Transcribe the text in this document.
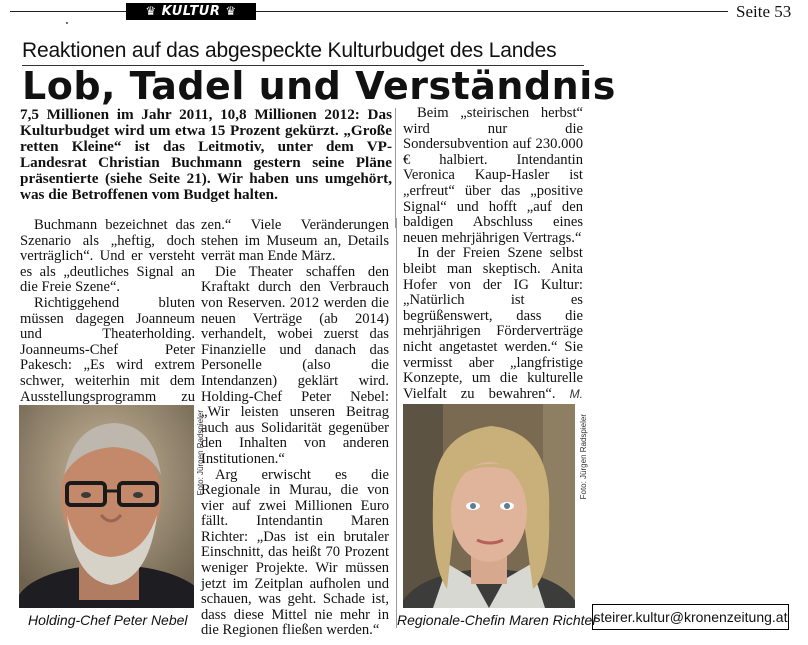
♛ KULTUR ♛	Seite 53
Reaktionen auf das abgespeckte Kulturbudget des Landes
Lob, Tadel und Verständnis
7,5 Millionen im Jahr 2011, 10,8 Millionen 2012: Das Kulturbudget wird um etwa 15 Prozent gekürzt. „Große retten Kleine“ ist das Leitmotiv, unter dem VP-Landesrat Christian Buchmann gestern seine Pläne präsentierte (siehe Seite 21). Wir haben uns umgehört, was die Betroffenen vom Budget halten.

Buchmann bezeichnet das Szenario als „heftig, doch verträglich“. Und er versteht es als „deutliches Signal an die Freie Szene“.

Richtiggehend bluten müssen dagegen Joanneum und Theaterholding. Joanneums-Chef Peter Pakesch: „Es wird extrem schwer, weiterhin mit dem Ausstellungsprogramm zu

zen.“ Viele Veränderungen stehen im Museum an, Details verrät man Ende März.

Die Theater schaffen den Kraftakt durch den Verbrauch von Reserven. 2012 werden die neuen Verträge (ab 2014) verhandelt, wobei zuerst das Finanzielle und danach das Personelle (also die Intendanzen) geklärt wird. Holding-Chef Peter Nebel: „Wir leisten unseren Beitrag auch aus Solidarität gegenüber den Inhalten von anderen Institutionen.“

Arg erwischt es die Regionale in Murau, die von vier auf zwei Millionen Euro fällt. Intendantin Maren Richter: „Das ist ein brutaler Einschnitt, das heißt 70 Prozent weniger Projekte. Wir müssen jetzt im Zeitplan aufholen und schauen, was geht. Schade ist, dass diese Mittel nie mehr in die Regionen fließen werden.“

Beim „steirischen herbst“ wird nur die Sondersubvention auf 230.000 € halbiert. Intendantin Veronica Kaup-Hasler ist „erfreut“ über das „positive Signal“ und hofft „auf den baldigen Abschluss eines neuen mehrjährigen Vertrags.“

In der Freien Szene selbst bleibt man skeptisch. Anita Hofer von der IG Kultur: „Natürlich ist es begrüßenswert, dass die mehrjährigen Förderverträge nicht angetastet werden.“ Sie vermisst aber „langfristige Konzepte, um die kulturelle Vielfalt zu bewahren“. M.

Foto: Jürgen Radspieler
Holding-Chef Peter Nebel
Foto: Jürgen Radspieler
Regionale-Chefin Maren Richter
steirer.kultur@kronenzeitung.at
